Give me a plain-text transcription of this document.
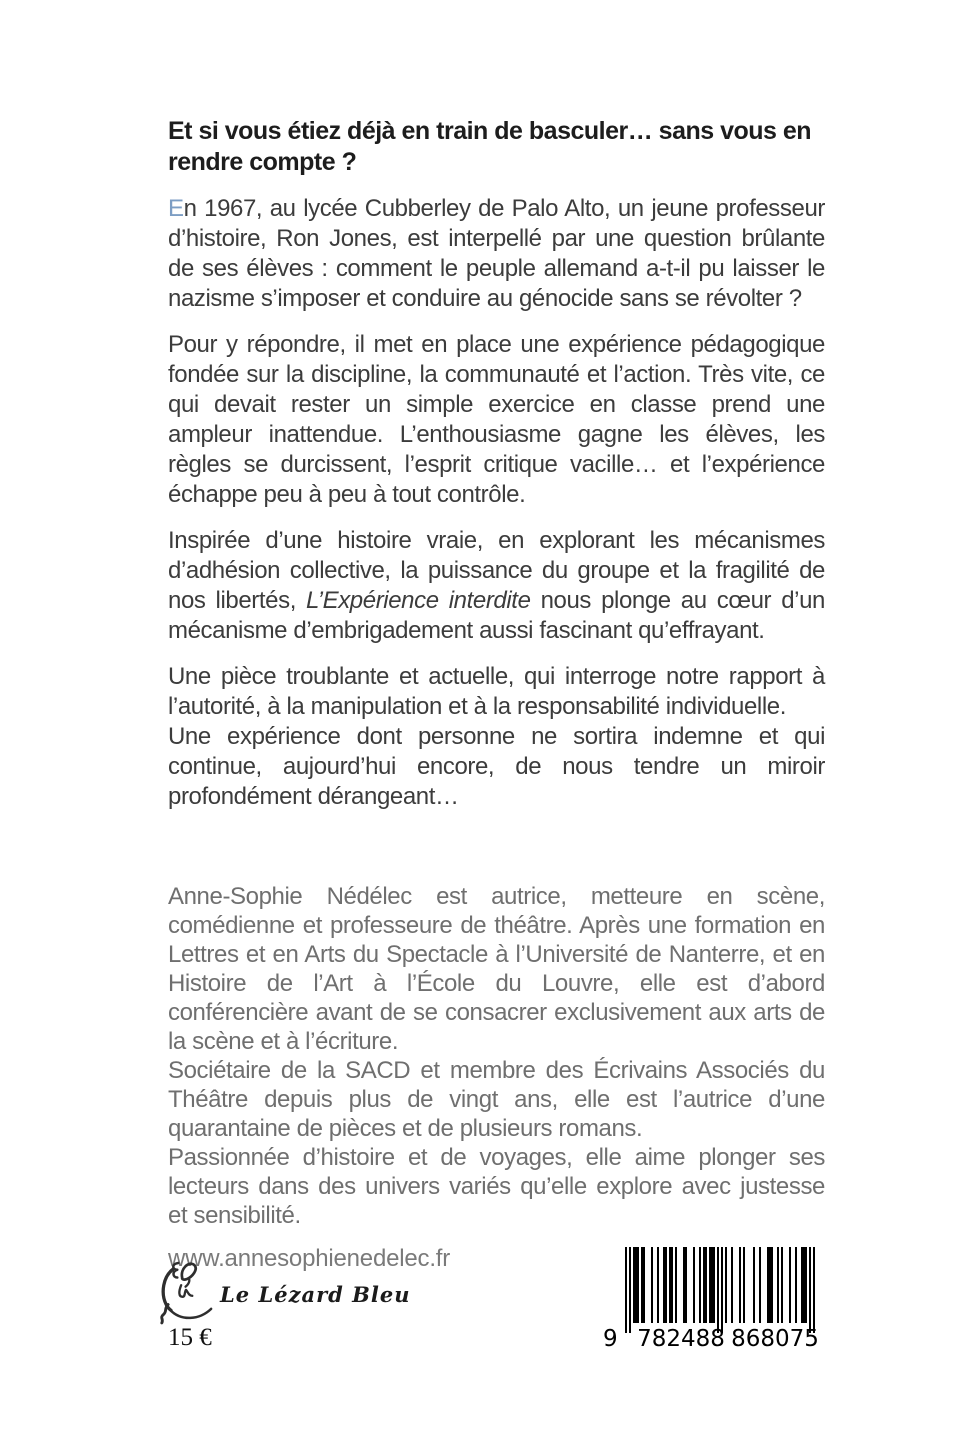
Et si vous étiez déjà en train de basculer… sans vous en rendre compte ?

En 1967, au lycée Cubberley de Palo Alto, un jeune professeur d’histoire, Ron Jones, est interpellé par une question brûlante de ses élèves : comment le peuple allemand a-t-il pu laisser le nazisme s’imposer et conduire au génocide sans se révolter ?

Pour y répondre, il met en place une expérience pédagogique fondée sur la discipline, la communauté et l’action. Très vite, ce qui devait rester un simple exercice en classe prend une ampleur inattendue. L’enthousiasme gagne les élèves, les règles se durcissent, l’esprit critique vacille… et l’expérience échappe peu à peu à tout contrôle.

Inspirée d’une histoire vraie, en explorant les mécanismes d’adhésion collective, la puissance du groupe et la fragilité de nos libertés, L’Expérience interdite nous plonge au cœur d’un mécanisme d’embrigadement aussi fascinant qu’effrayant.

Une pièce troublante et actuelle, qui interroge notre rapport à l’autorité, à la manipulation et à la responsabilité individuelle.

Une expérience dont personne ne sortira indemne et qui continue, aujourd’hui encore, de nous tendre un miroir profondément dérangeant…

Anne-Sophie Nédélec est autrice, metteure en scène, comédienne et professeure de théâtre. Après une formation en Lettres et en Arts du Spectacle à l’Université de Nanterre, et en Histoire de l’Art à l’École du Louvre, elle est d’abord conférencière avant de se consacrer exclusivement aux arts de la scène et à l’écriture.

Sociétaire de la SACD et membre des Écrivains Associés du Théâtre depuis plus de vingt ans, elle est l’autrice d’une quarantaine de pièces et de plusieurs romans.

Passionnée d’histoire et de voyages, elle aime plonger ses lecteurs dans des univers variés qu’elle explore avec justesse et sensibilité.

www.annesophienedelec.fr

Le Lézard Bleu
15 €	9 782488 868075
